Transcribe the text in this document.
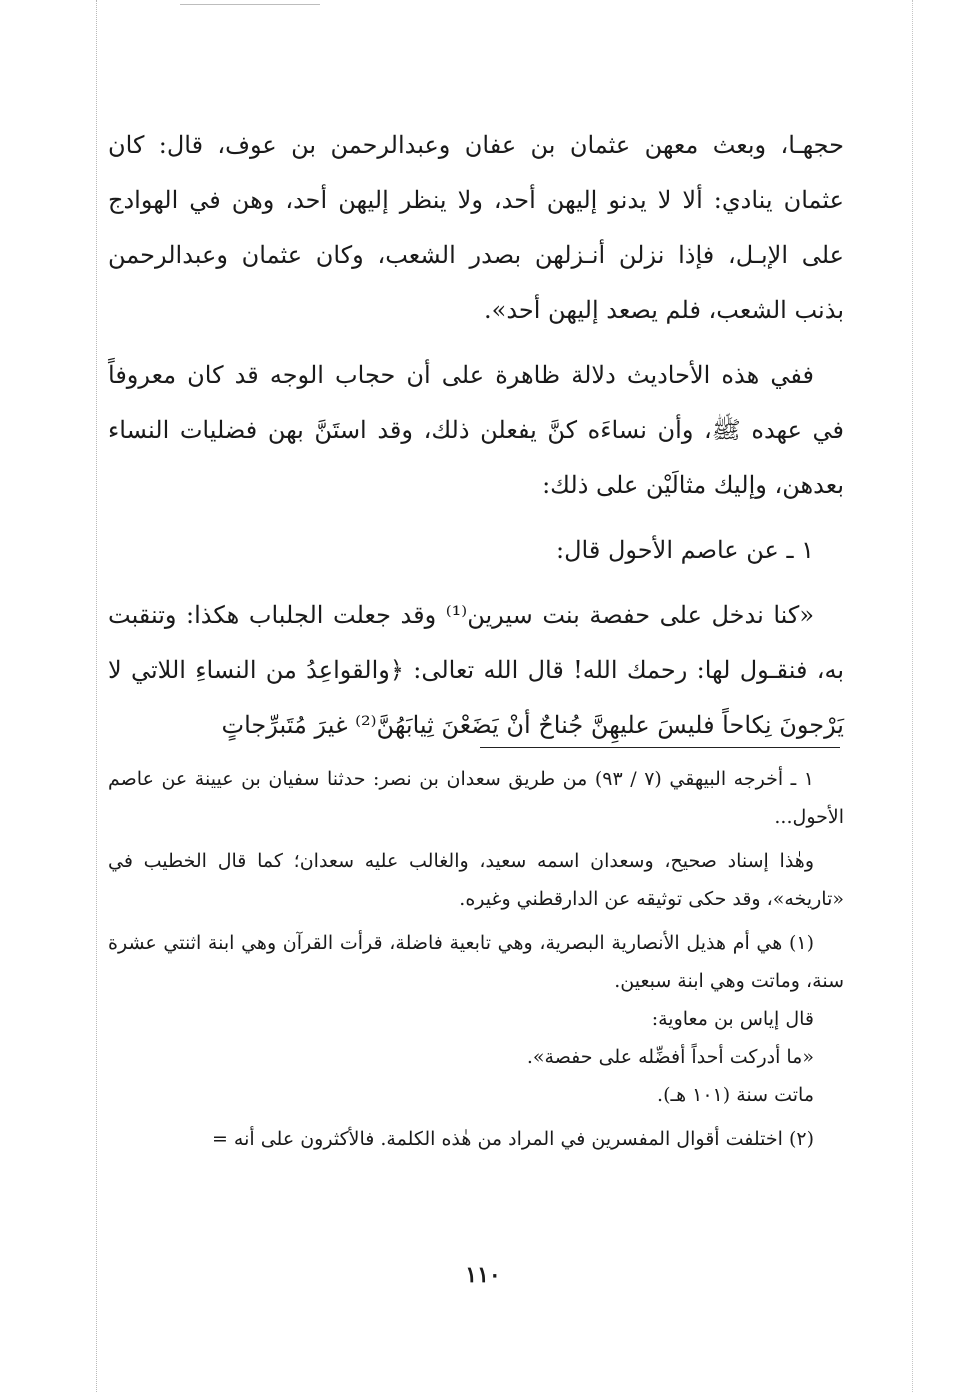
حجهـا، وبعث معهن عثمان بن عفان وعبدالرحمن بن عوف، قال: كان عثمان ينادي: ألا لا يدنو إليهن أحد، ولا ينظر إليهن أحد، وهن في الهوادج على الإبـل، فإذا نزلن أنـزلهن بصدر الشعب، وكان عثمان وعبدالرحمن بذنب الشعب، فلم يصعد إليهن أحد».

ففي هذه الأحاديث دلالة ظاهرة على أن حجاب الوجه قد كان معروفاً في عهده ﷺ، وأن نساءَه كنَّ يفعلن ذلك، وقد استَنَّ بهن فضليات النساء بعدهن، وإليك مثالَيْن على ذلك:

١ ـ عن عاصم الأحول قال:

«كنا ندخل على حفصة بنت سيرين⁽¹⁾ وقد جعلت الجلباب هكذا: وتنقبت به، فنقـول لها: رحمك الله! قال الله تعالى: ﴿والقواعِدُ من النساءِ اللاتي لا يَرْجونَ نِكاحاً فليسَ عليهِنَّ جُناحٌ أنْ يَضَعْنَ ثِيابَهُنَّ⁽²⁾ غيرَ مُتَبرِّجاتٍ

١ ـ أخرجه البيهقي (٧ / ٩٣) من طريق سعدان بن نصر: حدثنا سفيان بن عيينة عن عاصم الأحول...

وهٰذا إسناد صحيح، وسعدان اسمه سعيد، والغالب عليه سعدان؛ كما قال الخطيب في «تاريخه»، وقد حكى توثيقه عن الدارقطني وغيره.

(١) هي أم هذيل الأنصارية البصرية، وهي تابعية فاضلة، قرأت القرآن وهي ابنة اثنتي عشرة سنة، وماتت وهي ابنة سبعين.

قال إياس بن معاوية:

«ما أدركت أحداً أفضِّله على حفصة».

ماتت سنة (١٠١ هـ).

(٢) اختلفت أقوال المفسرين في المراد من هٰذه الكلمة. فالأكثرون على أنه =

١١٠
